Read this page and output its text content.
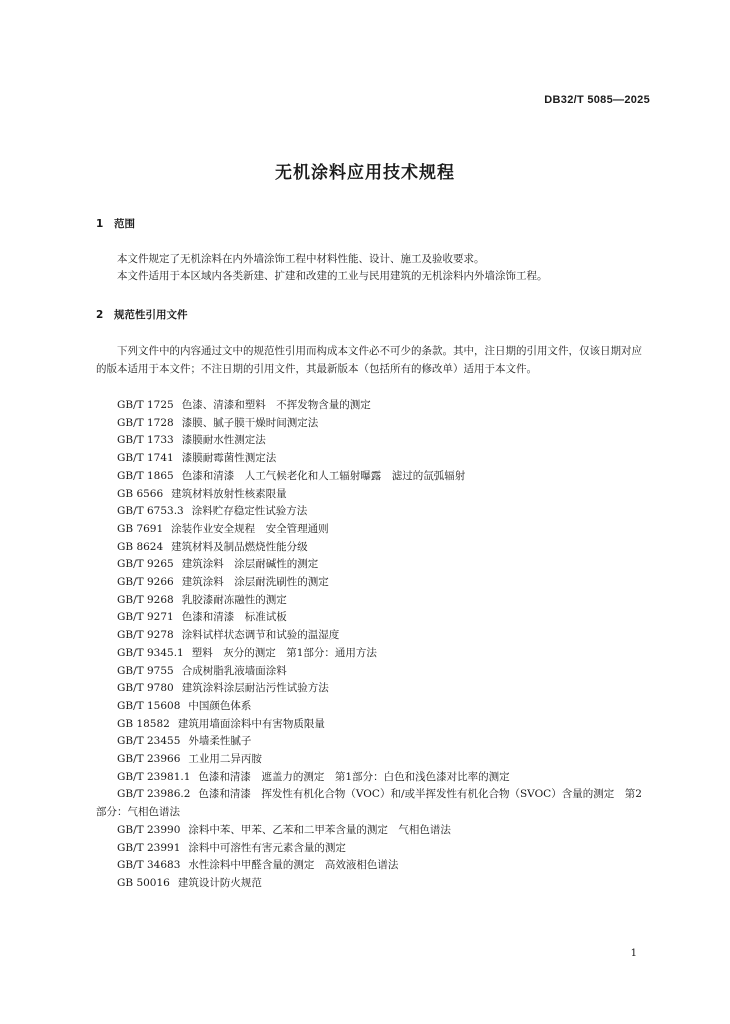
DB32/T 5085—2025
无机涂料应用技术规程
1 范围
本文件规定了无机涂料在内外墙涂饰工程中材料性能、设计、施工及验收要求。
本文件适用于本区域内各类新建、扩建和改建的工业与民用建筑的无机涂料内外墙涂饰工程。
2 规范性引用文件
下列文件中的内容通过文中的规范性引用而构成本文件必不可少的条款。其中，注日期的引用文件，仅该日期对应的版本适用于本文件；不注日期的引用文件，其最新版本（包括所有的修改单）适用于本文件。
GB/T 1725 色漆、清漆和塑料　不挥发物含量的测定
GB/T 1728 漆膜、腻子膜干燥时间测定法
GB/T 1733 漆膜耐水性测定法
GB/T 1741 漆膜耐霉菌性测定法
GB/T 1865 色漆和清漆　人工气候老化和人工辐射曝露　滤过的氙弧辐射
GB 6566 建筑材料放射性核素限量
GB/T 6753.3 涂料贮存稳定性试验方法
GB 7691 涂装作业安全规程　安全管理通则
GB 8624 建筑材料及制品燃烧性能分级
GB/T 9265 建筑涂料　涂层耐碱性的测定
GB/T 9266 建筑涂料　涂层耐洗刷性的测定
GB/T 9268 乳胶漆耐冻融性的测定
GB/T 9271 色漆和清漆　标准试板
GB/T 9278 涂料试样状态调节和试验的温湿度
GB/T 9345.1 塑料　灰分的测定　第1部分：通用方法
GB/T 9755 合成树脂乳液墙面涂料
GB/T 9780 建筑涂料涂层耐沾污性试验方法
GB/T 15608 中国颜色体系
GB 18582 建筑用墙面涂料中有害物质限量
GB/T 23455 外墙柔性腻子
GB/T 23966 工业用二异丙胺
GB/T 23981.1 色漆和清漆　遮盖力的测定　第1部分：白色和浅色漆对比率的测定
GB/T 23986.2 色漆和清漆　挥发性有机化合物（VOC）和/或半挥发性有机化合物（SVOC）含量的测定　第2部分：气相色谱法
GB/T 23990 涂料中苯、甲苯、乙苯和二甲苯含量的测定　气相色谱法
GB/T 23991 涂料中可溶性有害元素含量的测定
GB/T 34683 水性涂料中甲醛含量的测定　高效液相色谱法
GB 50016 建筑设计防火规范
1
